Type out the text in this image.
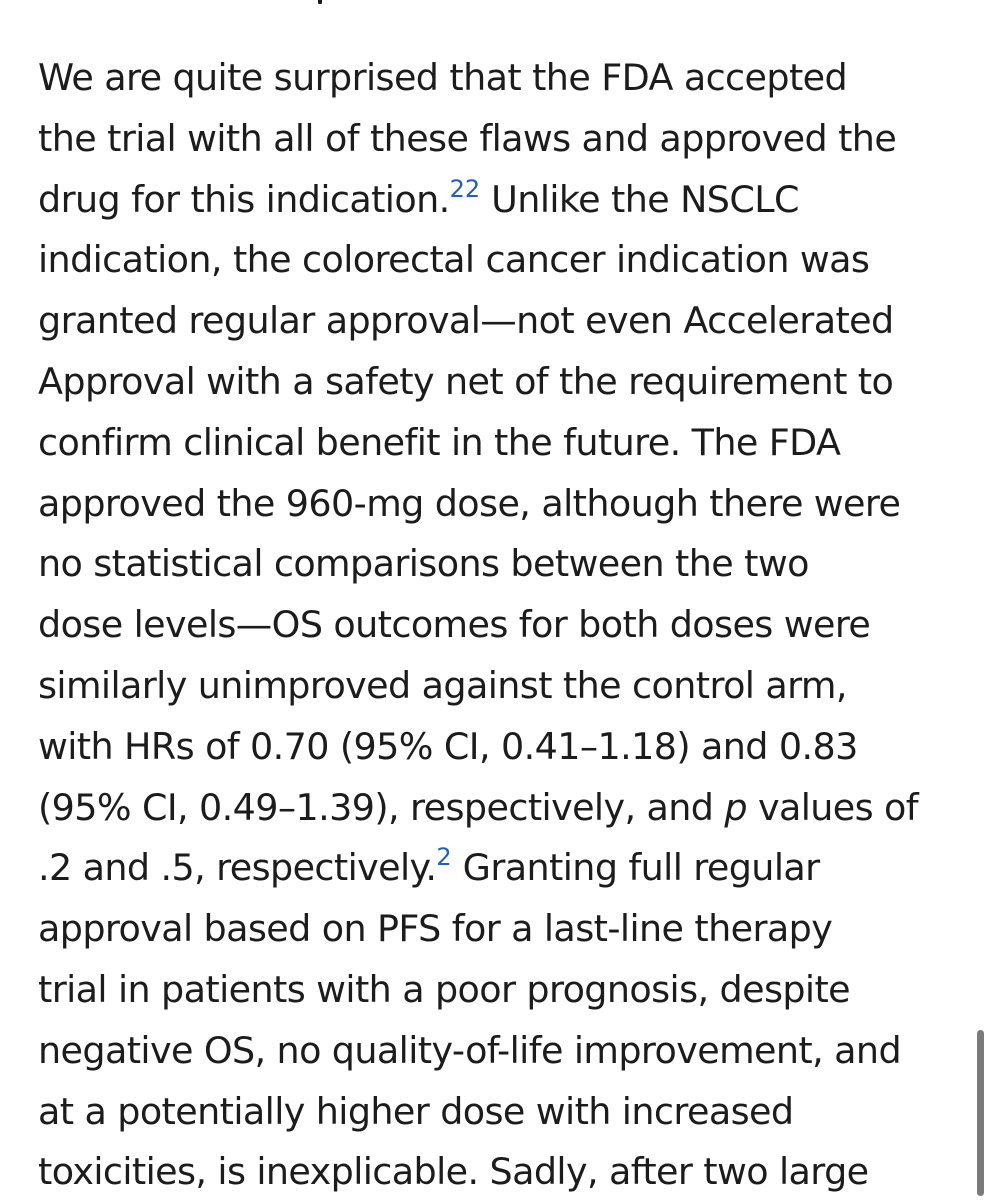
We are quite surprised that the FDA accepted
the trial with all of these flaws and approved the
drug for this indication.$^{22}$ Unlike the NSCLC
indication, the colorectal cancer indication was
granted regular approval—not even Accelerated
Approval with a safety net of the requirement to
confirm clinical benefit in the future. The FDA
approved the 960-mg dose, although there were
no statistical comparisons between the two
dose levels—OS outcomes for both doses were
similarly unimproved against the control arm,
with HRs of 0.70 (95% CI, 0.41–1.18) and 0.83
(95% CI, 0.49–1.39), respectively, and p values of
.2 and .5, respectively.$^2$ Granting full regular
approval based on PFS for a last-line therapy
trial in patients with a poor prognosis, despite
negative OS, no quality-of-life improvement, and
at a potentially higher dose with increased
toxicities, is inexplicable. Sadly, after two large
